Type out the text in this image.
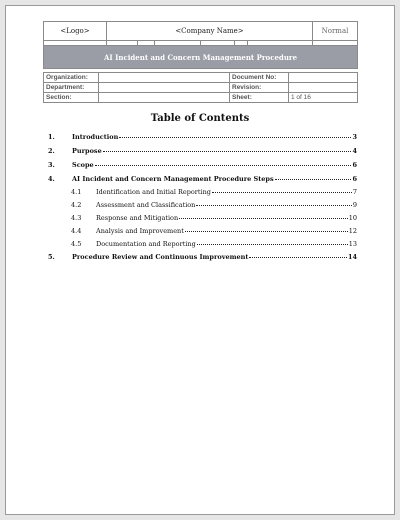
<Logo>	<Company Name>						Normal

AI Incident and Concern Management Procedure							
Organization:		Document No:	
Department:		Revision:	
Section:		Sheet:	1 of 16
Table of Contents
1.	Introduction	3
2.	Purpose	4
3.	Scope	6
4.	AI Incident and Concern Management Procedure Steps	6
4.1 Identification and Initial Reporting	7
4.2 Assessment and Classification	9
4.3 Response and Mitigation	10
4.4 Analysis and Improvement	12
4.5 Documentation and Reporting	13
5.	Procedure Review and Continuous Improvement	14
